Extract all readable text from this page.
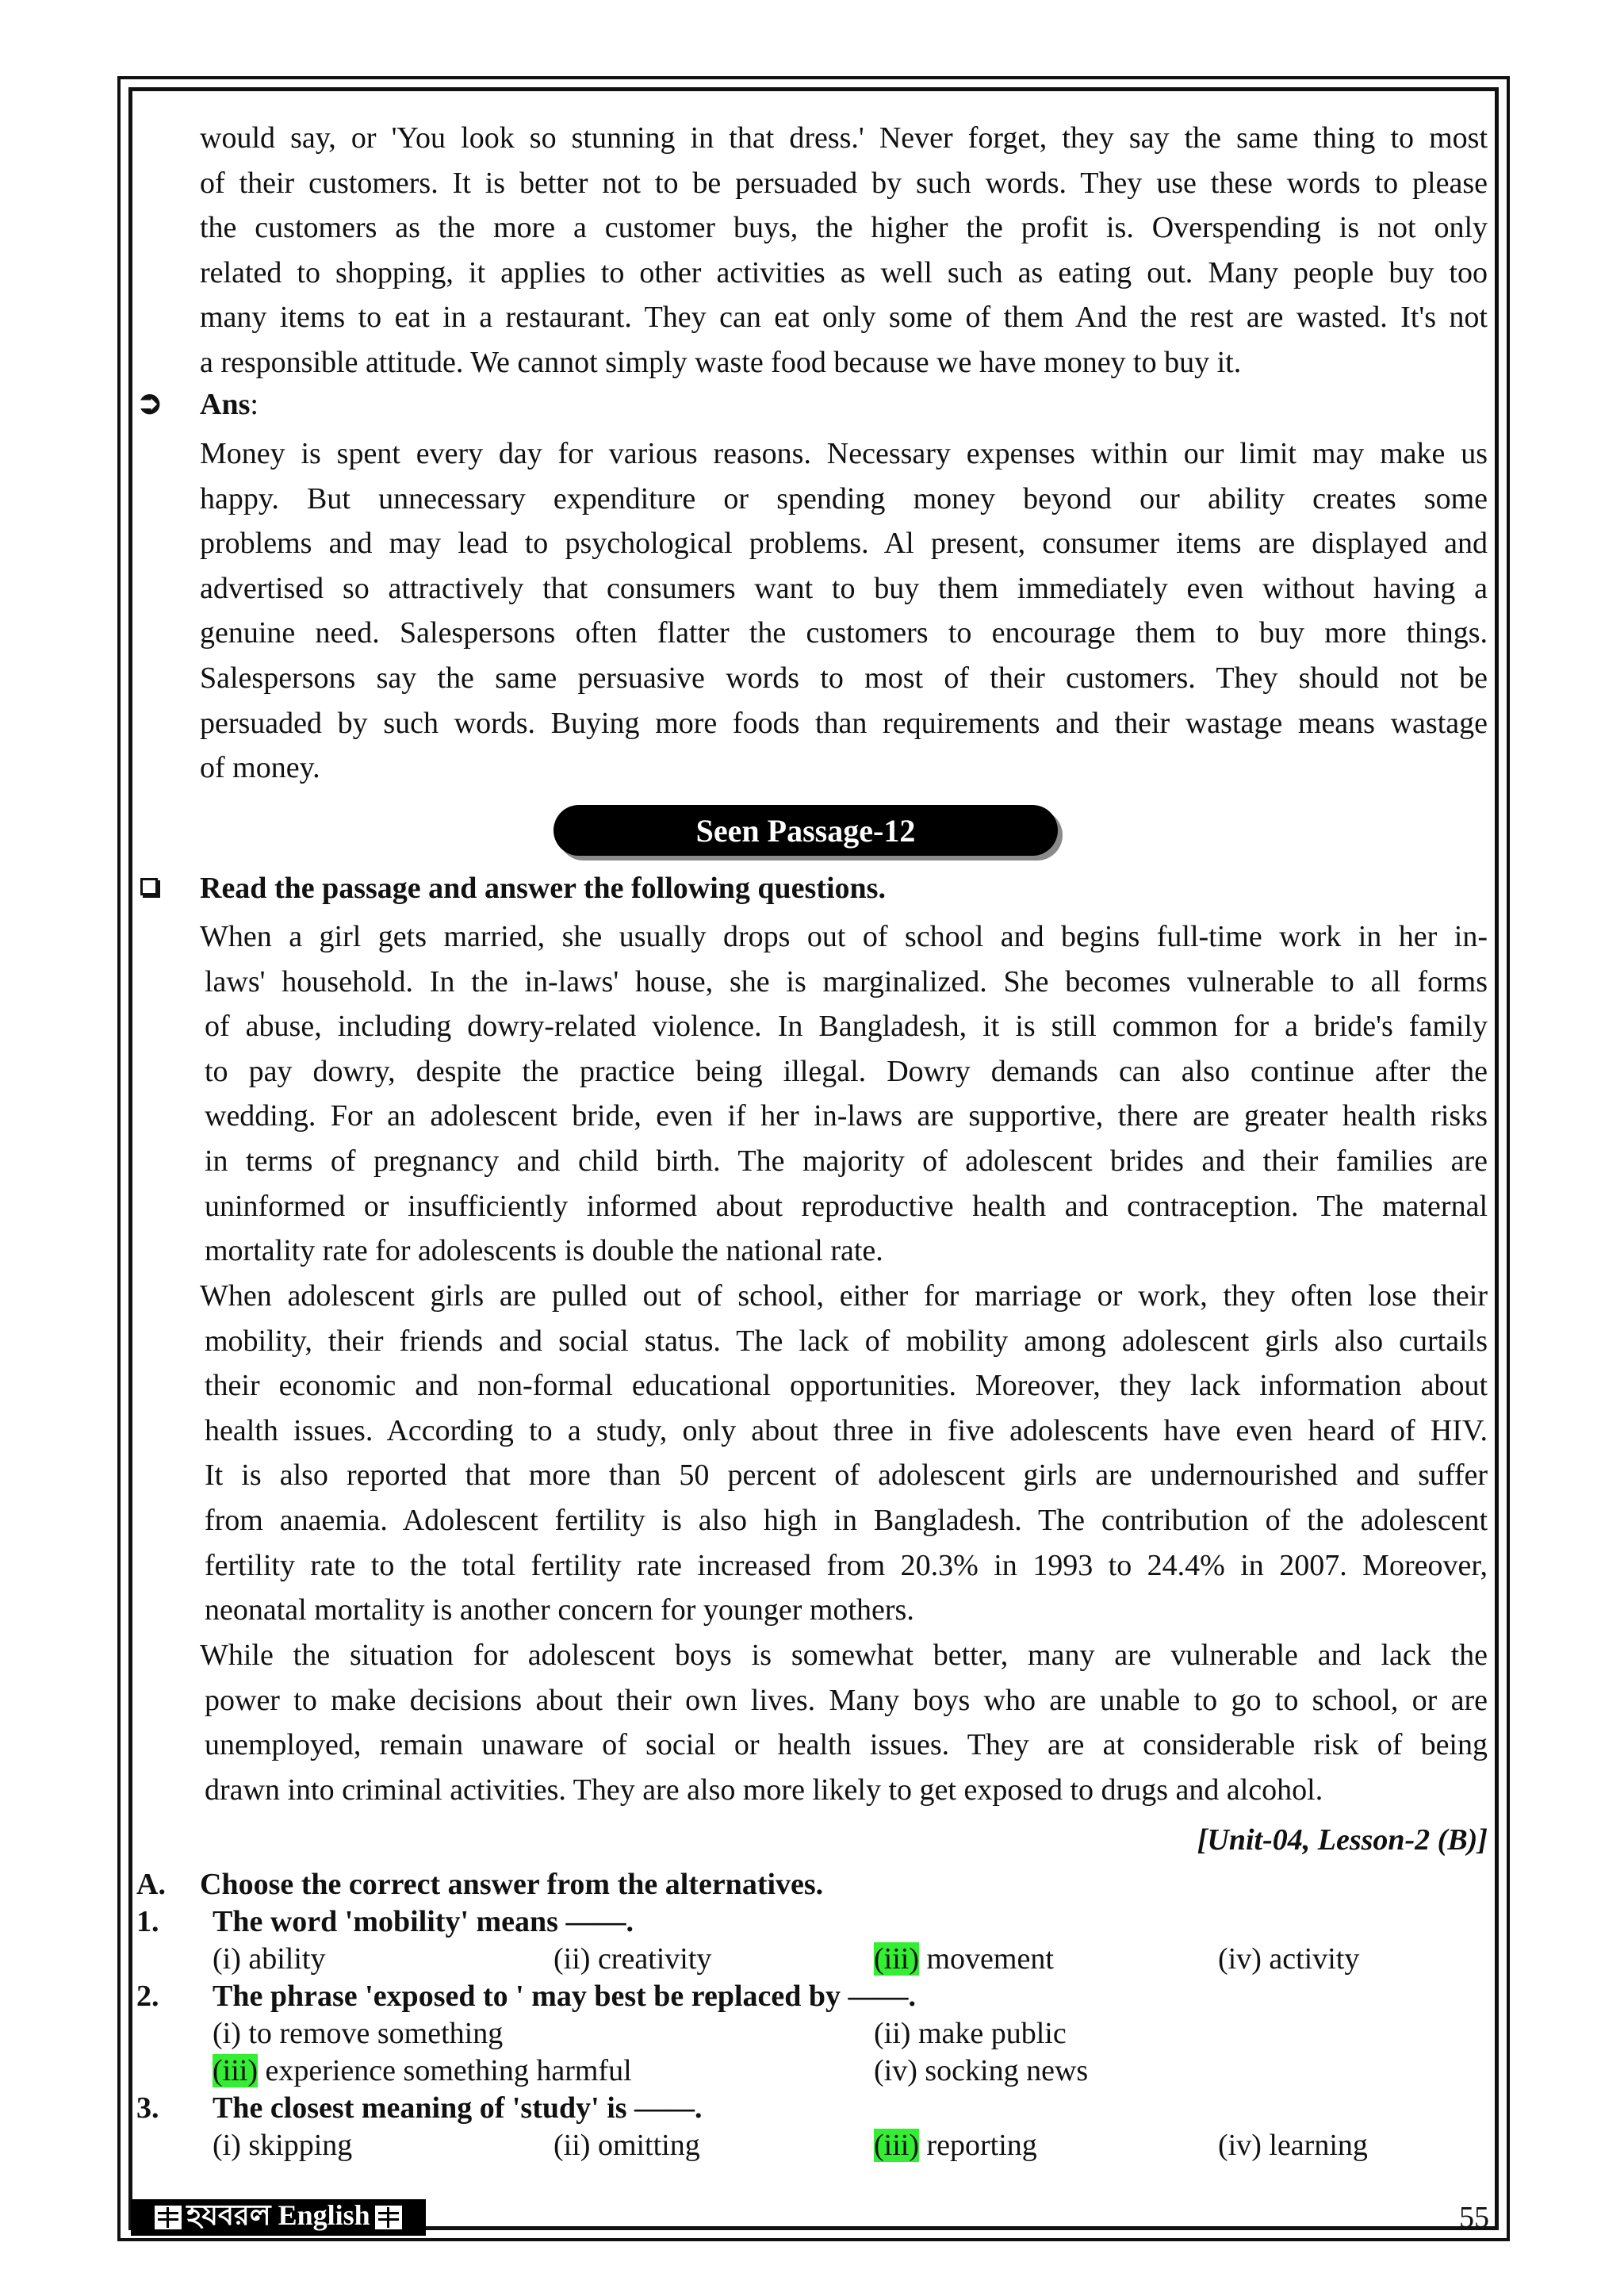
would say, or 'You look so stunning in that dress.' Never forget, they say the same thing to most
of their customers. It is better not to be persuaded by such words. They use these words to please
the customers as the more a customer buys, the higher the profit is. Overspending is not only
related to shopping, it applies to other activities as well such as eating out. Many people buy too
many items to eat in a restaurant. They can eat only some of them And the rest are wasted. It's not
a responsible attitude. We cannot simply waste food because we have money to buy it.
➲ Ans:
Money is spent every day for various reasons. Necessary expenses within our limit may make us
happy. But unnecessary expenditure or spending money beyond our ability creates some
problems and may lead to psychological problems. Al present, consumer items are displayed and
advertised so attractively that consumers want to buy them immediately even without having a
genuine need. Salespersons often flatter the customers to encourage them to buy more things.
Salespersons say the same persuasive words to most of their customers. They should not be
persuaded by such words. Buying more foods than requirements and their wastage means wastage
of money.
Seen Passage-12
Read the passage and answer the following questions.
When a girl gets married, she usually drops out of school and begins full-time work in her in-
laws' household. In the in-laws' house, she is marginalized. She becomes vulnerable to all forms
of abuse, including dowry-related violence. In Bangladesh, it is still common for a bride's family
to pay dowry, despite the practice being illegal. Dowry demands can also continue after the
wedding. For an adolescent bride, even if her in-laws are supportive, there are greater health risks
in terms of pregnancy and child birth. The majority of adolescent brides and their families are
uninformed or insufficiently informed about reproductive health and contraception. The maternal
mortality rate for adolescents is double the national rate.
When adolescent girls are pulled out of school, either for marriage or work, they often lose their
mobility, their friends and social status. The lack of mobility among adolescent girls also curtails
their economic and non-formal educational opportunities. Moreover, they lack information about
health issues. According to a study, only about three in five adolescents have even heard of HIV.
It is also reported that more than 50 percent of adolescent girls are undernourished and suffer
from anaemia. Adolescent fertility is also high in Bangladesh. The contribution of the adolescent
fertility rate to the total fertility rate increased from 20.3% in 1993 to 24.4% in 2007. Moreover,
neonatal mortality is another concern for younger mothers.
While the situation for adolescent boys is somewhat better, many are vulnerable and lack the
power to make decisions about their own lives. Many boys who are unable to go to school, or are
unemployed, remain unaware of social or health issues. They are at considerable risk of being
drawn into criminal activities. They are also more likely to get exposed to drugs and alcohol.
[Unit-04, Lesson-2 (B)]
A. Choose the correct answer from the alternatives.
1. The word 'mobility' means ——.
(i) ability	(ii) creativity	(iii) movement	(iv) activity
2. The phrase 'exposed to ' may best be replaced by ——.
(i) to remove something	(ii) make public
(iii) experience something harmful	(iv) socking news
3. The closest meaning of 'study' is ——.
(i) skipping	(ii) omitting	(iii) reporting	(iv) learning
হযবরল English	55
